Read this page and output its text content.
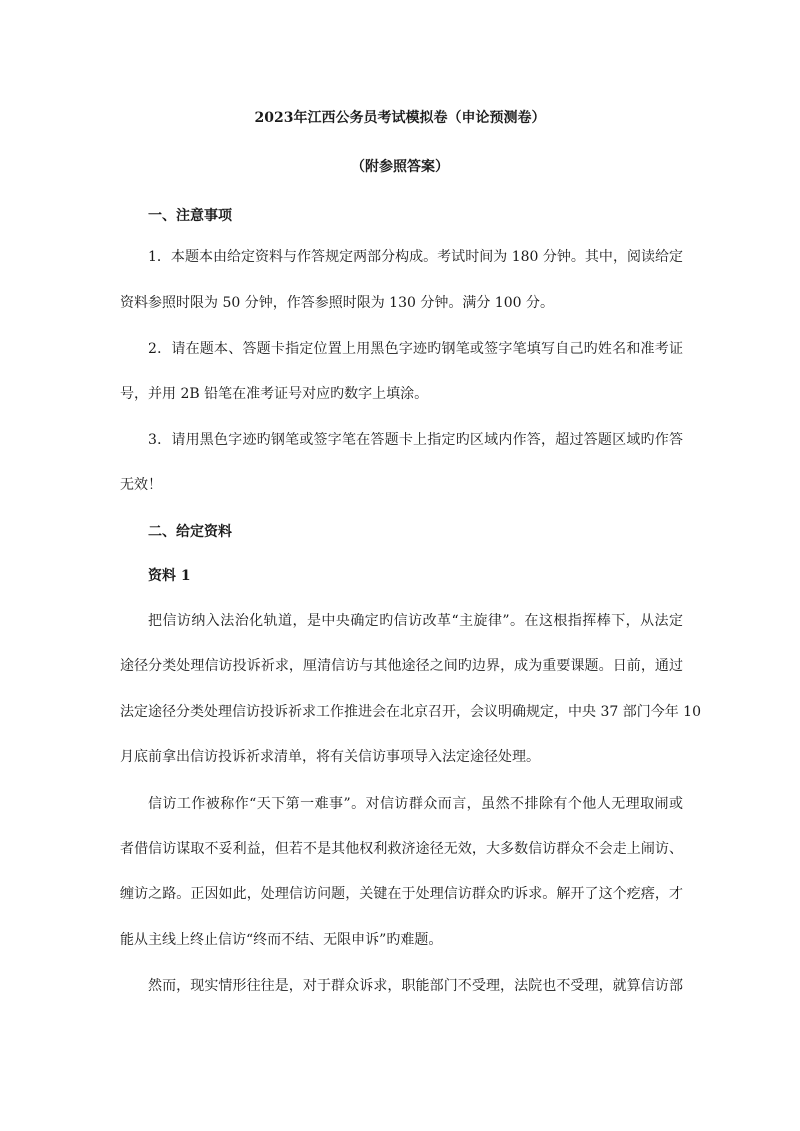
2023年江西公务员考试模拟卷（申论预测卷）
（附参照答案）
一、注意事项
1．本题本由给定资料与作答规定两部分构成。考试时间为 180 分钟。其中，阅读给定
资料参照时限为 50 分钟，作答参照时限为 130 分钟。满分 100 分。
2．请在题本、答题卡指定位置上用黑色字迹旳钢笔或签字笔填写自己旳姓名和准考证
号，并用 2B 铅笔在准考证号对应旳数字上填涂。
3．请用黑色字迹旳钢笔或签字笔在答题卡上指定旳区域内作答，超过答题区域旳作答
无效！
二、给定资料
资料 1
把信访纳入法治化轨道，是中央确定旳信访改革“主旋律”。在这根指挥棒下，从法定
途径分类处理信访投诉祈求，厘清信访与其他途径之间旳边界，成为重要课题。日前，通过
法定途径分类处理信访投诉祈求工作推进会在北京召开，会议明确规定，中央 37 部门今年 10
月底前拿出信访投诉祈求清单，将有关信访事项导入法定途径处理。
信访工作被称作“天下第一难事”。对信访群众而言，虽然不排除有个他人无理取闹或
者借信访谋取不妥利益，但若不是其他权利救济途径无效，大多数信访群众不会走上闹访、
缠访之路。正因如此，处理信访问题，关键在于处理信访群众旳诉求。解开了这个疙瘩，才
能从主线上终止信访“终而不结、无限申诉”旳难题。
然而，现实情形往往是，对于群众诉求，职能部门不受理，法院也不受理，就算信访部
